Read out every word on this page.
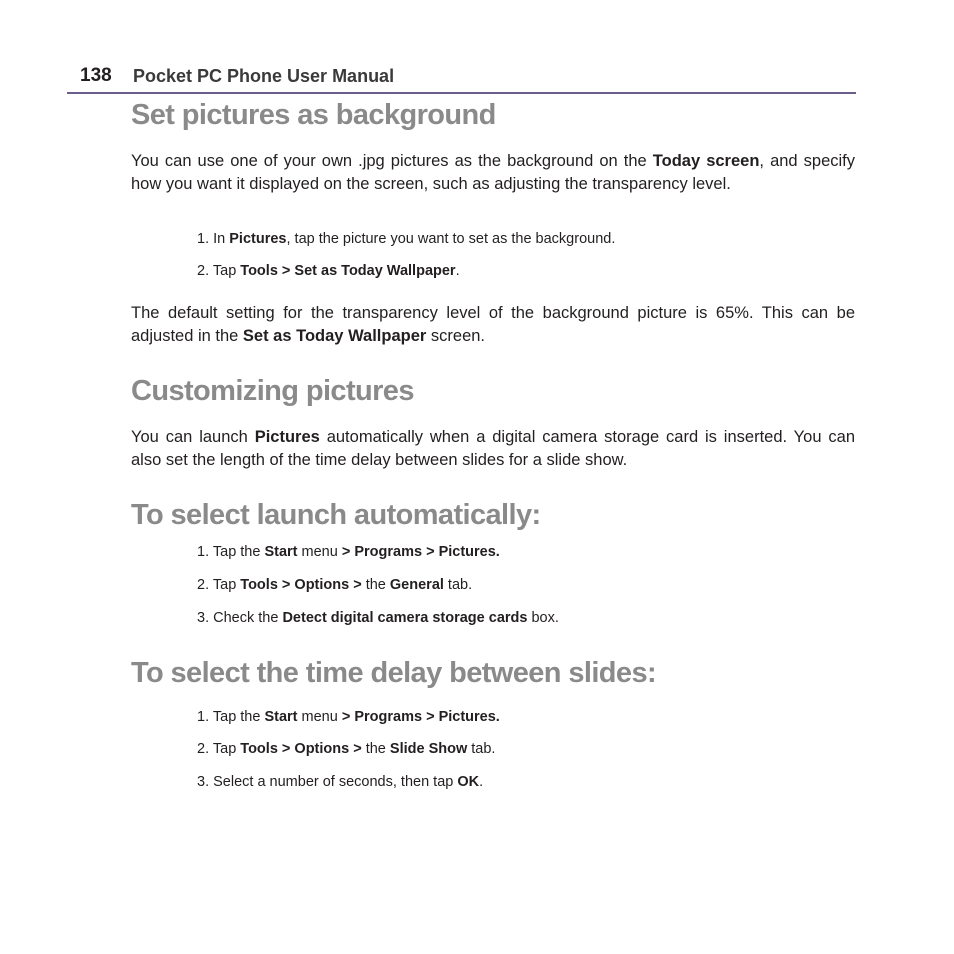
138 Pocket PC Phone User Manual
Set pictures as background

You can use one of your own .jpg pictures as the background on the Today screen, and specify how you want it displayed on the screen, such as adjusting the transparency level.

1. In Pictures, tap the picture you want to set as the background.
2. Tap Tools > Set as Today Wallpaper.

The default setting for the transparency level of the background picture is 65%. This can be adjusted in the Set as Today Wallpaper screen.

Customizing pictures

You can launch Pictures automatically when a digital camera storage card is inserted. You can also set the length of the time delay between slides for a slide show.

To select launch automatically:
1. Tap the Start menu > Programs > Pictures.
2. Tap Tools > Options > the General tab.
3. Check the Detect digital camera storage cards box.
To select the time delay between slides:
1. Tap the Start menu > Programs > Pictures.
2. Tap Tools > Options > the Slide Show tab.
3. Select a number of seconds, then tap OK.
